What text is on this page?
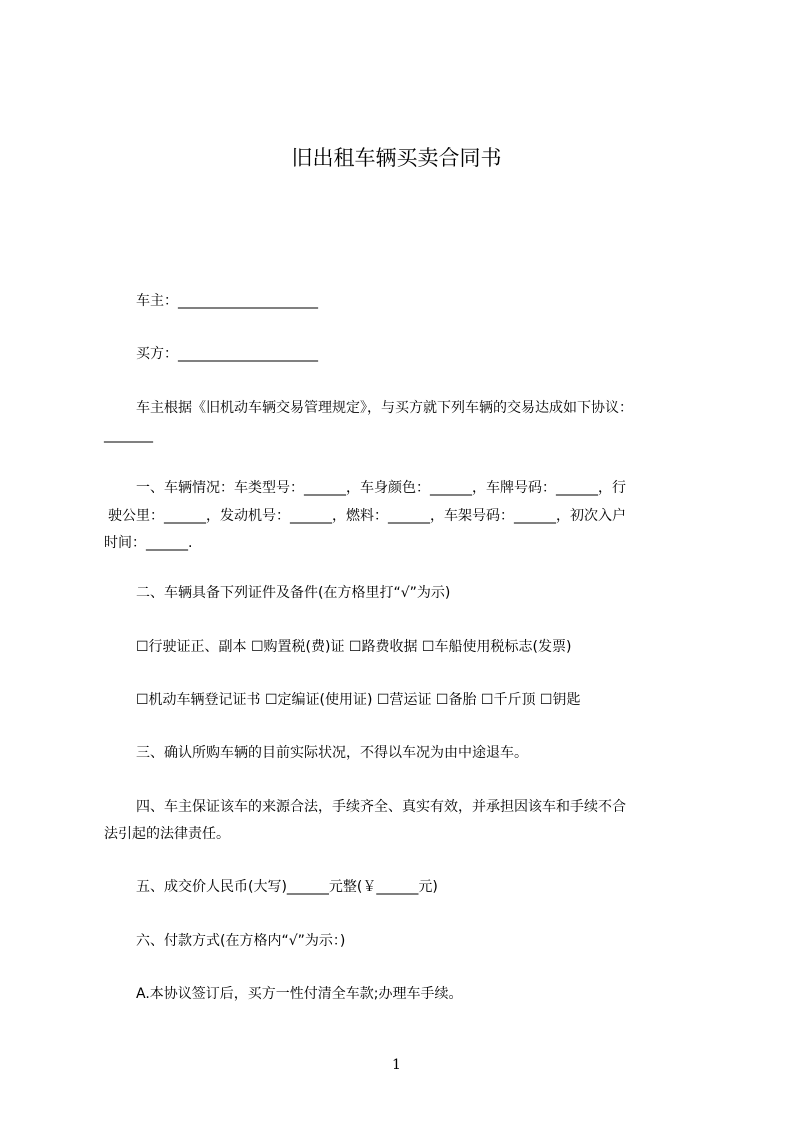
旧出租车辆买卖合同书
车主：____________________
买方：____________________
车主根据《旧机动车辆交易管理规定》，与买方就下列车辆的交易达成如下协议：
_______
一、车辆情况：车类型号：______，车身颜色：______，车牌号码：______，行
驶公里：______，发动机号：______，燃料：______，车架号码：______，初次入户
时间：______.
二、车辆具备下列证件及备件(在方格里打“√”为示)
☐行驶证正、副本 ☐购置税(费)证 ☐路费收据 ☐车船使用税标志(发票)
☐机动车辆登记证书 ☐定编证(使用证) ☐营运证 ☐备胎 ☐千斤顶 ☐钥匙
三、确认所购车辆的目前实际状况，不得以车况为由中途退车。
四、车主保证该车的来源合法，手续齐全、真实有效，并承担因该车和手续不合
法引起的法律责任。
五、成交价人民币(大写)______元整(￥______元)
六、付款方式(在方格内“√”为示：)
A.本协议签订后，买方一性付清全车款;办理车手续。
1
